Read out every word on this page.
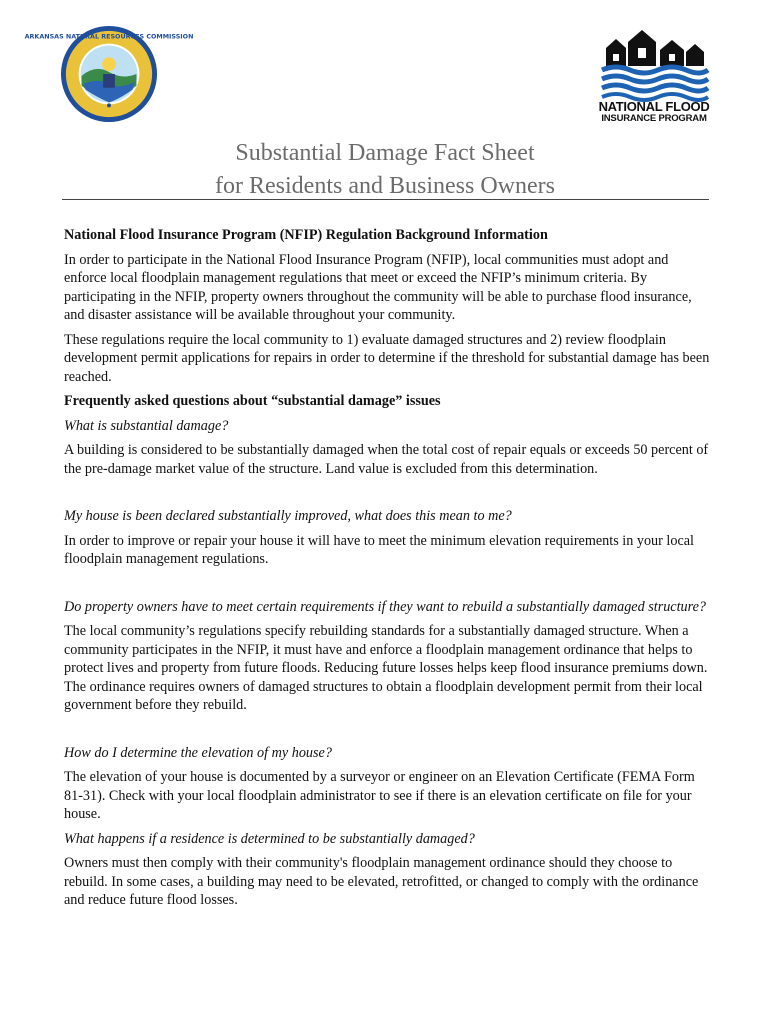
ARKANSAS NATURAL RESOURCES COMMISSION
NATIONAL FLOOD
INSURANCE PROGRAM
Substantial Damage Fact Sheet
for Residents and Business Owners

National Flood Insurance Program (NFIP) Regulation Background Information

In order to participate in the National Flood Insurance Program (NFIP), local communities must adopt and enforce local floodplain management regulations that meet or exceed the NFIP’s minimum criteria. By participating in the NFIP, property owners throughout the community will be able to purchase flood insurance, and disaster assistance will be available throughout your community.

These regulations require the local community to 1) evaluate damaged structures and 2) review floodplain development permit applications for repairs in order to determine if the threshold for substantial damage has been reached.

Frequently asked questions about “substantial damage” issues

What is substantial damage?

A building is considered to be substantially damaged when the total cost of repair equals or exceeds 50 percent of the pre-damage market value of the structure. Land value is excluded from this determination.

My house is been declared substantially improved, what does this mean to me?

In order to improve or repair your house it will have to meet the minimum elevation requirements in your local floodplain management regulations.

Do property owners have to meet certain requirements if they want to rebuild a substantially damaged structure?

The local community’s regulations specify rebuilding standards for a substantially damaged structure. When a community participates in the NFIP, it must have and enforce a floodplain management ordinance that helps to protect lives and property from future floods. Reducing future losses helps keep flood insurance premiums down. The ordinance requires owners of damaged structures to obtain a floodplain development permit from their local government before they rebuild.

How do I determine the elevation of my house?

The elevation of your house is documented by a surveyor or engineer on an Elevation Certificate (FEMA Form 81-31). Check with your local floodplain administrator to see if there is an elevation certificate on file for your house.

What happens if a residence is determined to be substantially damaged?

Owners must then comply with their community's floodplain management ordinance should they choose to rebuild. In some cases, a building may need to be elevated, retrofitted, or changed to comply with the ordinance and reduce future flood losses.
